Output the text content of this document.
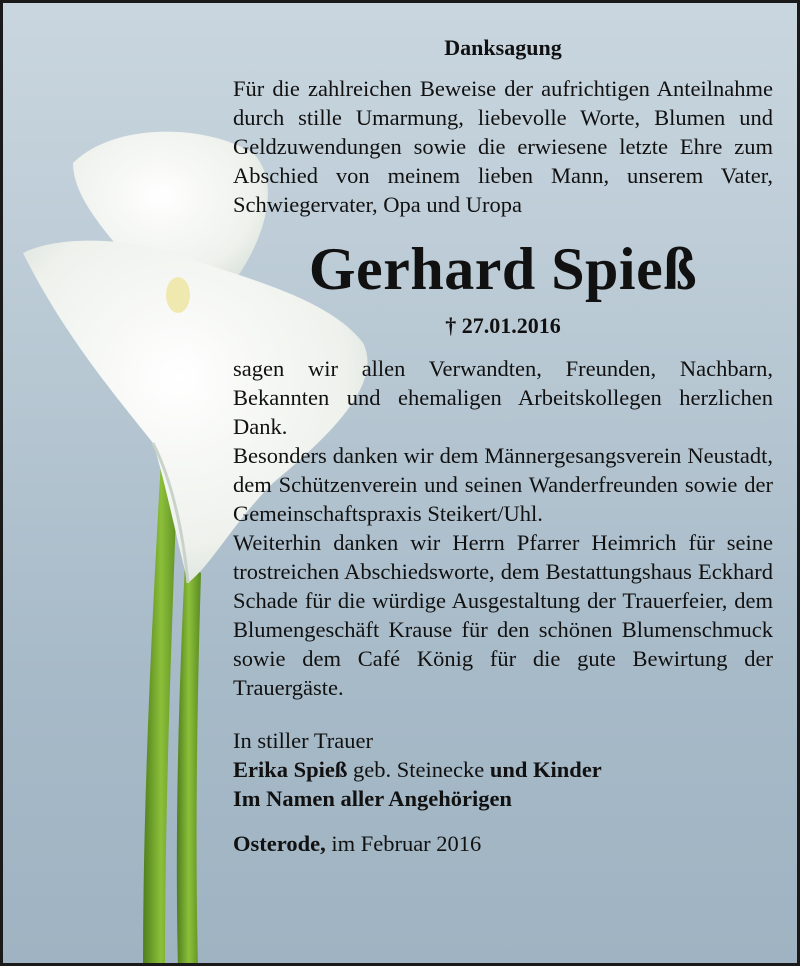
Danksagung

Für die zahlreichen Beweise der aufrichtigen Anteilnahme durch stille Umarmung, liebevolle Worte, Blumen und Geldzuwendungen sowie die erwiesene letzte Ehre zum Abschied von meinem lieben Mann, unserem Vater, Schwiegervater, Opa und Uropa

Gerhard Spieß
† 27.01.2016

sagen wir allen Verwandten, Freunden, Nachbarn, Bekannten und ehemaligen Arbeitskollegen herzlichen Dank.

Besonders danken wir dem Männergesangsverein Neustadt, dem Schützenverein und seinen Wanderfreunden sowie der Gemeinschaftspraxis Steikert/Uhl.

Weiterhin danken wir Herrn Pfarrer Heimrich für seine trostreichen Abschiedsworte, dem Bestattungshaus Eckhard Schade für die würdige Ausgestaltung der Trauerfeier, dem Blumengeschäft Krause für den schönen Blumenschmuck sowie dem Café König für die gute Bewirtung der Trauergäste.

In stiller Trauer
Erika Spieß geb. Steinecke und Kinder
Im Namen aller Angehörigen
Osterode, im Februar 2016
